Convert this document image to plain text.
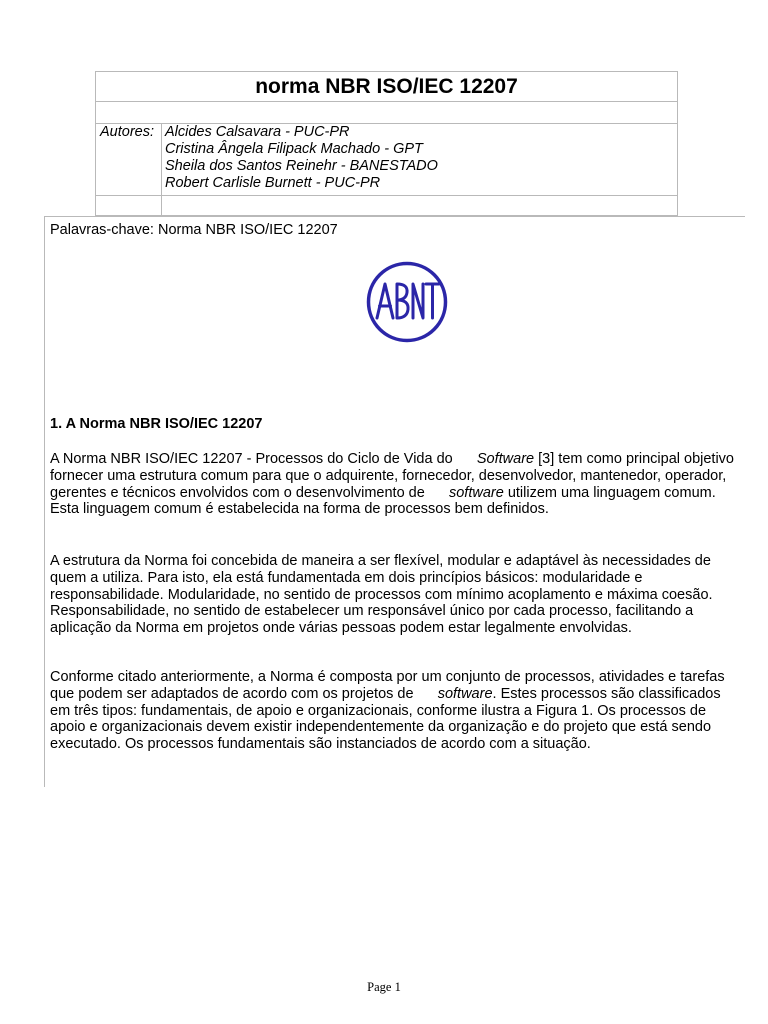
norma NBR ISO/IEC 12207
Autores: Alcides Calsavara - PUC-PR
Cristina Ângela Filipack Machado - GPT
Sheila dos Santos Reinehr - BANESTADO
Robert Carlisle Burnett - PUC-PR
Palavras-chave: Norma NBR ISO/IEC 12207
1. A Norma NBR ISO/IEC 12207

A Norma NBR ISO/IEC 12207 - Processos do Ciclo de Vida do Software [3] tem como principal objetivo fornecer uma estrutura comum para que o adquirente, fornecedor, desenvolvedor, mantenedor, operador, gerentes e técnicos envolvidos com o desenvolvimento de software utilizem uma linguagem comum. Esta linguagem comum é estabelecida na forma de processos bem definidos.

A estrutura da Norma foi concebida de maneira a ser flexível, modular e adaptável às necessidades de quem a utiliza. Para isto, ela está fundamentada em dois princípios básicos: modularidade e responsabilidade. Modularidade, no sentido de processos com mínimo acoplamento e máxima coesão. Responsabilidade, no sentido de estabelecer um responsável único por cada processo, facilitando a aplicação da Norma em projetos onde várias pessoas podem estar legalmente envolvidas.

Conforme citado anteriormente, a Norma é composta por um conjunto de processos, atividades e tarefas que podem ser adaptados de acordo com os projetos de software. Estes processos são classificados em três tipos: fundamentais, de apoio e organizacionais, conforme ilustra a Figura 1. Os processos de apoio e organizacionais devem existir independentemente da organização e do projeto que está sendo executado. Os processos fundamentais são instanciados de acordo com a situação.

Page 1
